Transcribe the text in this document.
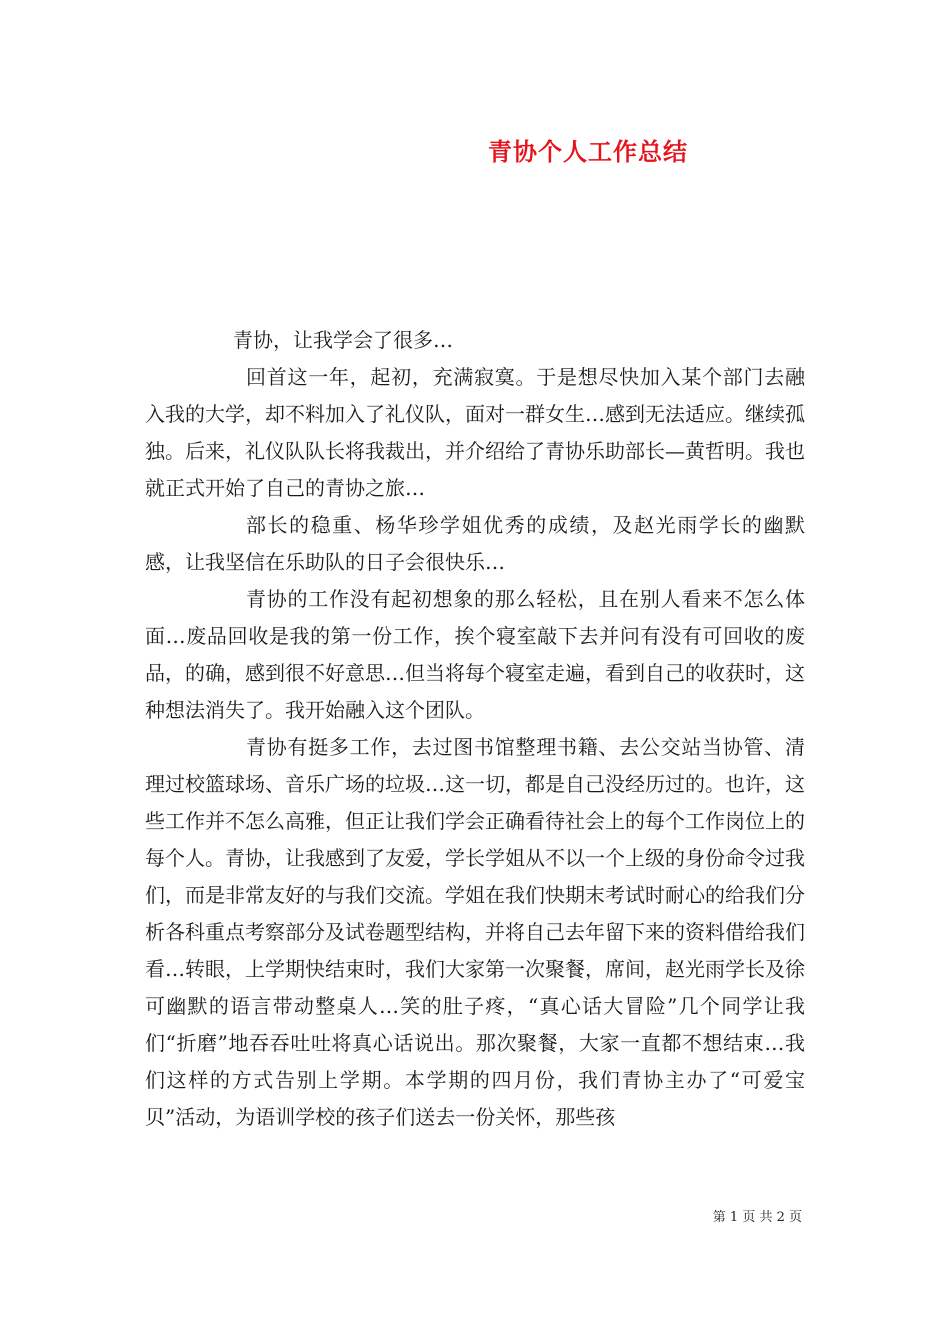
青协个人工作总结

青协，让我学会了很多…

回首这一年，起初，充满寂寞。于是想尽快加入某个部门去融入我的大学，却不料加入了礼仪队，面对一群女生…感到无法适应。继续孤独。后来，礼仪队队长将我裁出，并介绍给了青协乐助部长—黄哲明。我也就正式开始了自己的青协之旅…

部长的稳重、杨华珍学姐优秀的成绩，及赵光雨学长的幽默感，让我坚信在乐助队的日子会很快乐…

青协的工作没有起初想象的那么轻松，且在别人看来不怎么体面…废品回收是我的第一份工作，挨个寝室敲下去并问有没有可回收的废品，的确，感到很不好意思…但当将每个寝室走遍，看到自己的收获时，这种想法消失了。我开始融入这个团队。

青协有挺多工作，去过图书馆整理书籍、去公交站当协管、清理过校篮球场、音乐广场的垃圾…这一切，都是自己没经历过的。也许，这些工作并不怎么高雅，但正让我们学会正确看待社会上的每个工作岗位上的每个人。青协，让我感到了友爱，学长学姐从不以一个上级的身份命令过我们，而是非常友好的与我们交流。学姐在我们快期末考试时耐心的给我们分析各科重点考察部分及试卷题型结构，并将自己去年留下来的资料借给我们看…转眼，上学期快结束时，我们大家第一次聚餐，席间，赵光雨学长及徐可幽默的语言带动整桌人…笑的肚子疼，“真心话大冒险”几个同学让我们“折磨”地吞吞吐吐将真心话说出。那次聚餐，大家一直都不想结束…我们这样的方式告别上学期。本学期的四月份，我们青协主办了“可爱宝贝”活动，为语训学校的孩子们送去一份关怀，那些孩

第 1 页 共 2 页
